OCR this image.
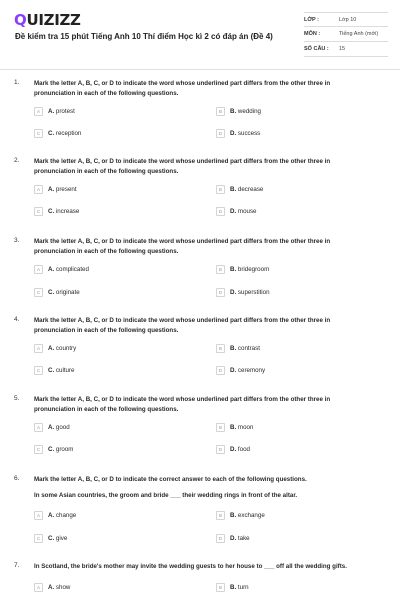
QUIZIZZ
Đề kiểm tra 15 phút Tiếng Anh 10 Thí điểm Học kì 2 có đáp án (Đề 4)
LỚP :	Lớp 10
MÔN :	Tiếng Anh (mới)
SỐ CÂU :	15
1. Mark the letter A, B, C, or D to indicate the word whose underlined part differs from the other three in pronunciation in each of the following questions.
A	A. protest	B	B. wedding
C	C. reception	D	D. success
2. Mark the letter A, B, C, or D to indicate the word whose underlined part differs from the other three in pronunciation in each of the following questions.
A	A. present	B	B. decrease
C	C. increase	D	D. mouse
3. Mark the letter A, B, C, or D to indicate the word whose underlined part differs from the other three in pronunciation in each of the following questions.
A	A. complicated	B	B. bridegroom
C	C. originate	D	D. superstition
4. Mark the letter A, B, C, or D to indicate the word whose underlined part differs from the other three in pronunciation in each of the following questions.
A	A. country	B	B. contrast
C	C. culture	D	D. ceremony
5. Mark the letter A, B, C, or D to indicate the word whose underlined part differs from the other three in pronunciation in each of the following questions.
A	A. good	B	B. moon
C	C. groom	D	D. food
6. Mark the letter A, B, C, or D to indicate the correct answer to each of the following questions.
In some Asian countries, the groom and bride ___ their wedding rings in front of the altar.
A	A. change	B	B. exchange
C	C. give	D	D. take
7. In Scotland, the bride's mother may invite the wedding guests to her house to ___ off all the wedding gifts.
A	A. show	B	B. turn
